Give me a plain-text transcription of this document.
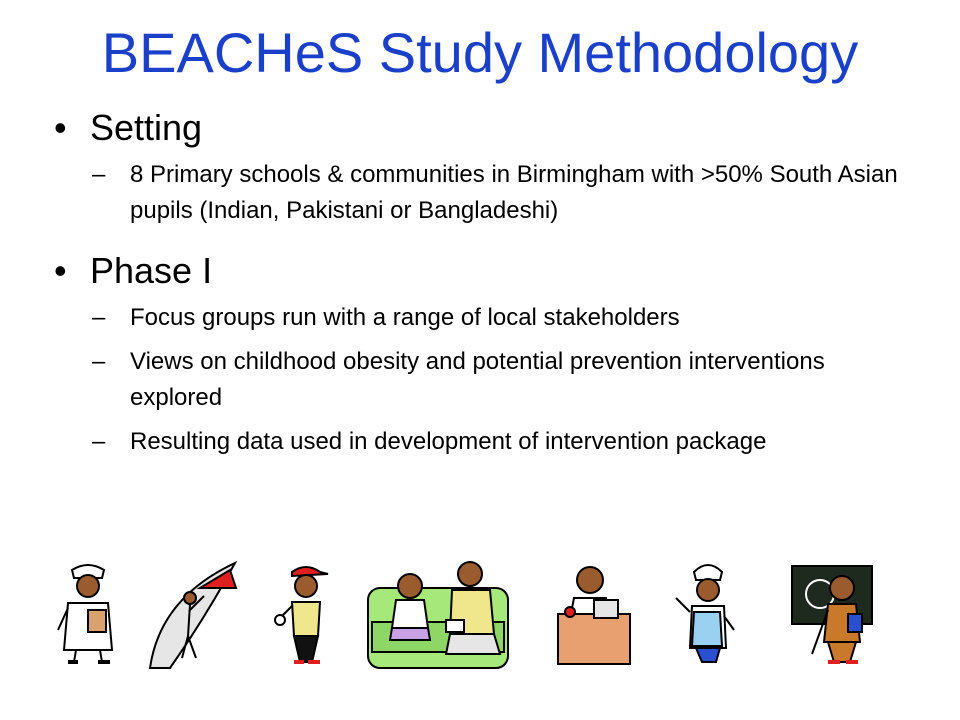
BEACHeS Study Methodology
• Setting
– 8 Primary schools & communities in Birmingham with >50% South Asian pupils (Indian, Pakistani or Bangladeshi)
• Phase I
– Focus groups run with a range of local stakeholders
– Views on childhood obesity and potential prevention interventions explored
– Resulting data used in development of intervention package
